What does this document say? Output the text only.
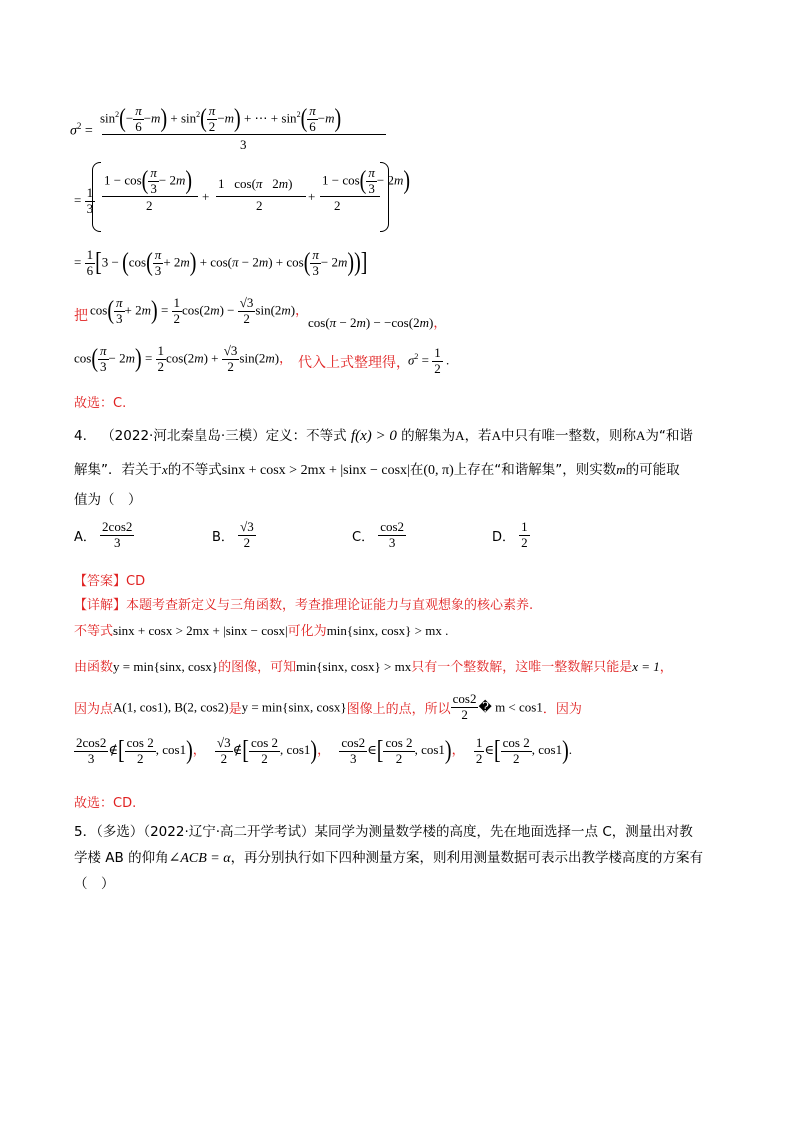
$\sigma^2$ =
$\sin^2(- \frac{\pi}{6} -m) + \sin^2( \frac{\pi}{2} -m)$ + ⋯ + $\sin^2( \frac{\pi}{6} -m)$
3
= $\frac{1}{3}$
$1 - \cos( \frac{\pi}{3} - 2m)$
2
+
1   cos(π   2m)
2
+
$1 - \cos( \frac{\pi}{3} - 2m)$
2
= $\frac{1}{6} [3 - (\cos( \frac{\pi}{3} + 2m) + \cos(\pi - 2m) + \cos( \frac{\pi}{3} - 2m))]$
把 $\cos( \frac{\pi}{3} + 2m) = \frac{1}{2} \cos(2m) - \frac{√3}{2} \sin(2m)$，
cos(π − 2m) − −cos(2m)，
$\cos( \frac{\pi}{3} - 2m) = \frac{1}{2} \cos(2m) + \frac{√3}{2} \sin(2m)$， 代入上式整理得，
$\sigma^2 = \frac{1}{2}$ .
故选：C.
4. （2022·河北秦皇岛·三模）定义：不等式 f(x) > 0 的解集为A，若A中只有唯一整数，则称A为“和谐
解集”．若关于x的不等式sinx + cosx > 2mx + |sinx − cosx|在(0, π)上存在“和谐解集”，则实数m的可能取
值为（　）
A． $\frac{2\cos 2}{3}$	B． $\frac{√3}{2}$	C． $\frac{\cos 2}{3}$	D． $\frac{1}{2}$
【答案】CD
【详解】本题考查新定义与三角函数，考查推理论证能力与直观想象的核心素养.
不等式sinx + cosx > 2mx + |sinx − cosx|可化为min{sinx, cosx} > mx .
由函数y = min{sinx, cosx}的图像，可知min{sinx, cosx} > mx只有一个整数解，这唯一整数解只能是x = 1，
因为点A(1, cos1), B(2, cos2)是y = min{sinx, cosx}图像上的点，所以 $\frac{\cos 2}{2}$ � m < cos1．因为
$\frac{2\cos 2}{3}$ ∉[ $\frac{\cos 2}{2}$ , cos1)， $\frac{√3}{2}$ ∉[ $\frac{\cos 2}{2}$ , cos1)， $\frac{\cos 2}{3}$ ∈[ $\frac{\cos 2}{2}$ , cos1)， $\frac{1}{2}$ ∈[ $\frac{\cos 2}{2}$ , cos1).
故选：CD.
5．（多选）（2022·辽宁·高二开学考试）某同学为测量数学楼的高度，先在地面选择一点 C，测量出对教
学楼 AB 的仰角∠ACB = α，再分别执行如下四种测量方案，则利用测量数据可表示出教学楼高度的方案有
（　）
